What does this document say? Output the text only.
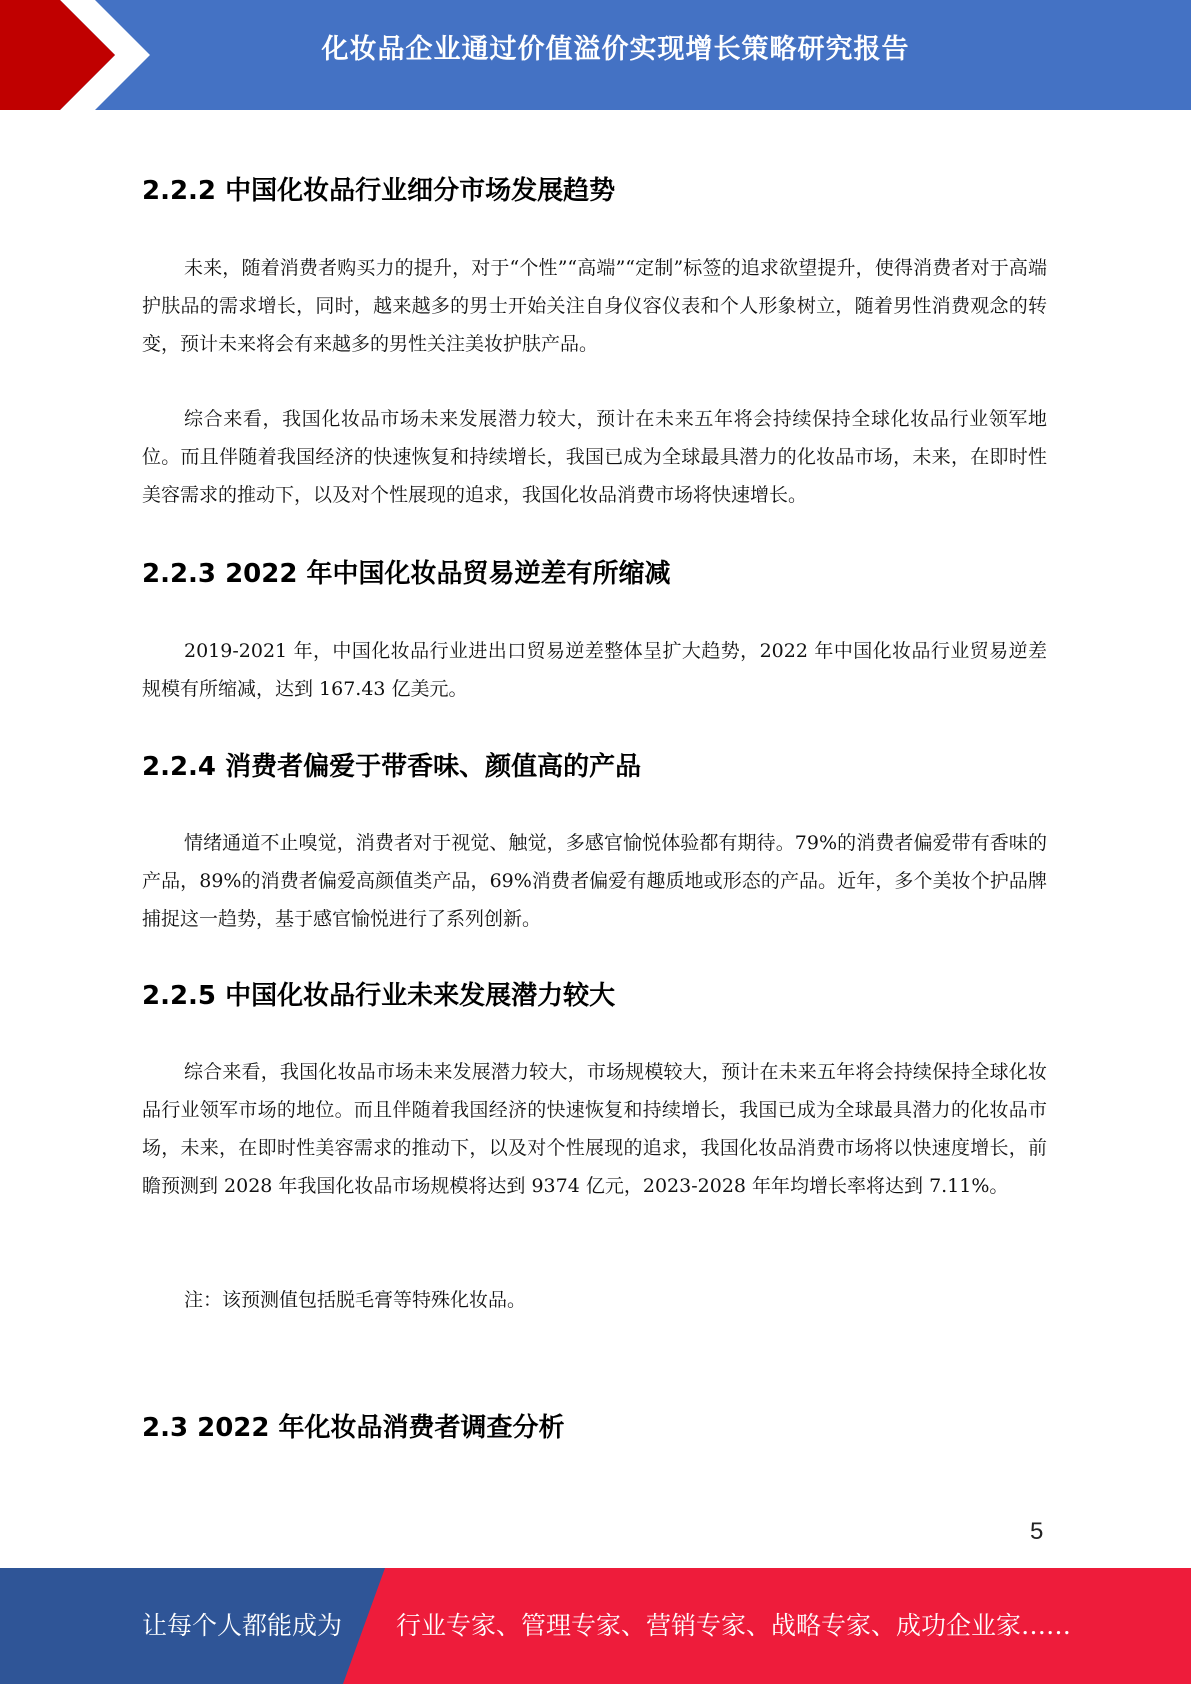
化妆品企业通过价值溢价实现增长策略研究报告
2.2.2 中国化妆品行业细分市场发展趋势

未来，随着消费者购买力的提升，对于“个性”“高端”“定制”标签的追求欲望提升，使得消费者对于高端护肤品的需求增长，同时，越来越多的男士开始关注自身仪容仪表和个人形象树立，随着男性消费观念的转变，预计未来将会有来越多的男性关注美妆护肤产品。

综合来看，我国化妆品市场未来发展潜力较大，预计在未来五年将会持续保持全球化妆品行业领军地位。而且伴随着我国经济的快速恢复和持续增长，我国已成为全球最具潜力的化妆品市场，未来，在即时性美容需求的推动下，以及对个性展现的追求，我国化妆品消费市场将快速增长。

2.2.3 2022 年中国化妆品贸易逆差有所缩减

2019-2021 年，中国化妆品行业进出口贸易逆差整体呈扩大趋势，2022 年中国化妆品行业贸易逆差规模有所缩减，达到 167.43 亿美元。

2.2.4 消费者偏爱于带香味、颜值高的产品

情绪通道不止嗅觉，消费者对于视觉、触觉，多感官愉悦体验都有期待。79%的消费者偏爱带有香味的产品，89%的消费者偏爱高颜值类产品，69%消费者偏爱有趣质地或形态的产品。近年，多个美妆个护品牌捕捉这一趋势，基于感官愉悦进行了系列创新。

2.2.5 中国化妆品行业未来发展潜力较大

综合来看，我国化妆品市场未来发展潜力较大，市场规模较大，预计在未来五年将会持续保持全球化妆品行业领军市场的地位。而且伴随着我国经济的快速恢复和持续增长，我国已成为全球最具潜力的化妆品市场，未来，在即时性美容需求的推动下，以及对个性展现的追求，我国化妆品消费市场将以快速度增长，前瞻预测到 2028 年我国化妆品市场规模将达到 9374 亿元，2023-2028 年年均增长率将达到 7.11%。

注：该预测值包括脱毛膏等特殊化妆品。

2.3 2022 年化妆品消费者调查分析
5
让每个人都能成为 行业专家、管理专家、营销专家、战略专家、成功企业家……
